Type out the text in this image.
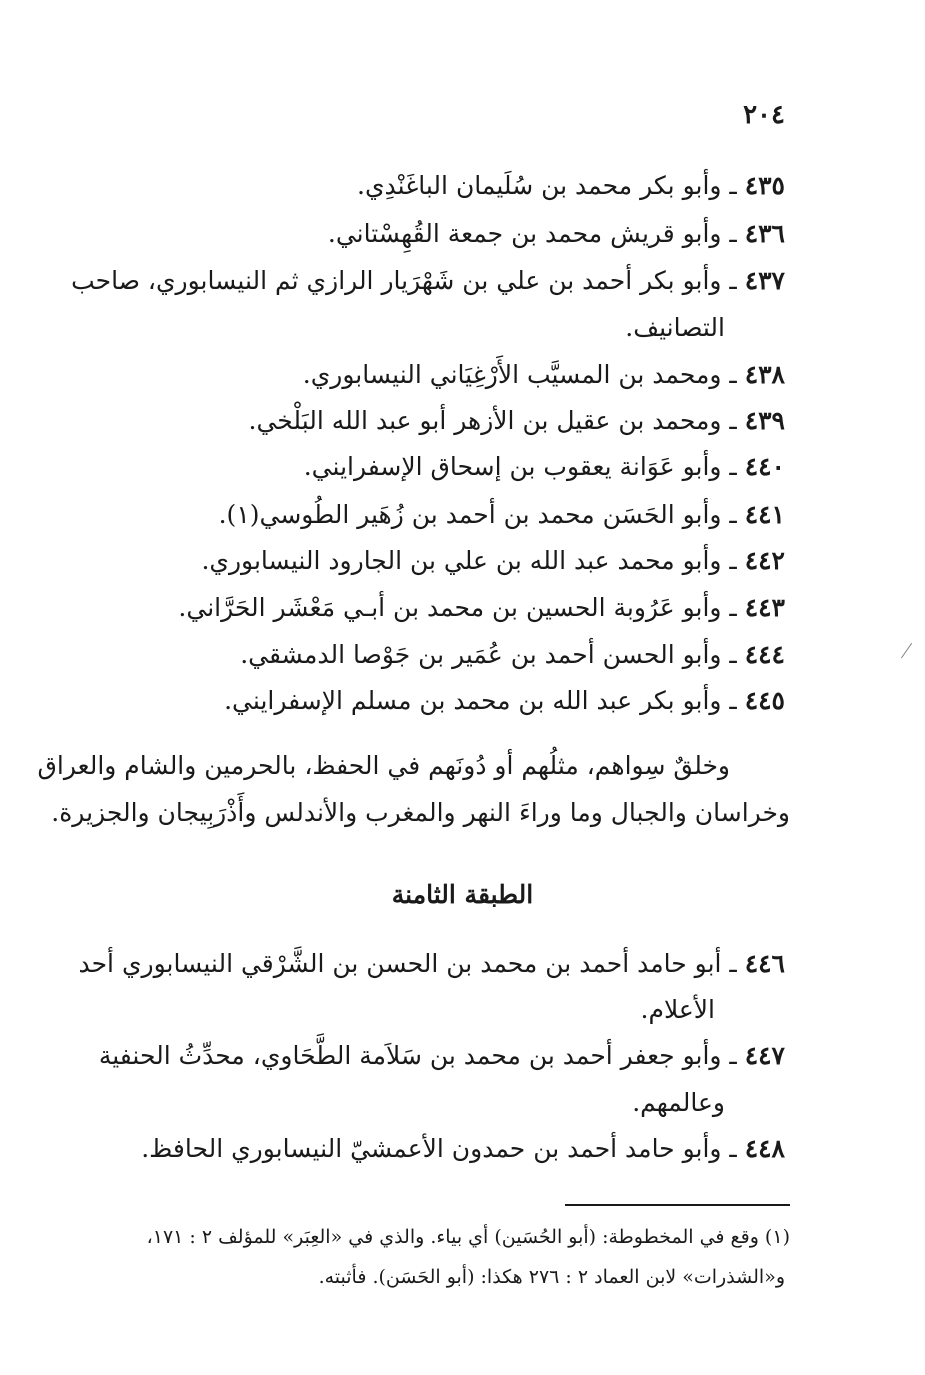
٢٠٤
٤٣٥ ـ وأبو بكر محمد بن سُلَيمان الباغَنْدِي.
٤٣٦ ـ وأبو قريش محمد بن جمعة القُهِسْتاني.
٤٣٧ ـ وأبو بكر أحمد بن علي بن شَهْرَيار الرازي ثم النيسابوري، صاحب
التصانيف.
٤٣٨ ـ ومحمد بن المسيَّب الأَرْغِيَاني النيسابوري.
٤٣٩ ـ ومحمد بن عقيل بن الأزهر أبو عبد الله البَلْخي.
٤٤٠ ـ وأبو عَوَانة يعقوب بن إسحاق الإسفرايني.
٤٤١ ـ وأبو الحَسَن محمد بن أحمد بن زُهَير الطُوسي(١).
٤٤٢ ـ وأبو محمد عبد الله بن علي بن الجارود النيسابوري.
٤٤٣ ـ وأبو عَرُوبة الحسين بن محمد بن أبـي مَعْشَر الحَرَّاني.
٤٤٤ ـ وأبو الحسن أحمد بن عُمَير بن جَوْصا الدمشقي.
٤٤٥ ـ وأبو بكر عبد الله بن محمد بن مسلم الإسفرايني.
وخلقٌ سِواهم، مثلُهم أو دُونَهم في الحفظ، بالحرمين والشام والعراق
وخراسان والجبال وما وراءَ النهر والمغرب والأندلس وأَذْرَبِيجان والجزيرة.
الطبقة الثامنة
٤٤٦ ـ أبو حامد أحمد بن محمد بن الحسن بن الشَّرْقي النيسابوري أحد
الأعلام.
٤٤٧ ـ وأبو جعفر أحمد بن محمد بن سَلاَمة الطَّحَاوي، محدِّثُ الحنفية
وعالمهم.
٤٤٨ ـ وأبو حامد أحمد بن حمدون الأعمشيّ النيسابوري الحافظ.
(١) وقع في المخطوطة: (أبو الحُسَين) أي بياء. والذي في «العِبَر» للمؤلف ٢ : ١٧١،
و«الشذرات» لابن العماد ٢ : ٢٧٦ هكذا: (أبو الحَسَن). فأثبته.
